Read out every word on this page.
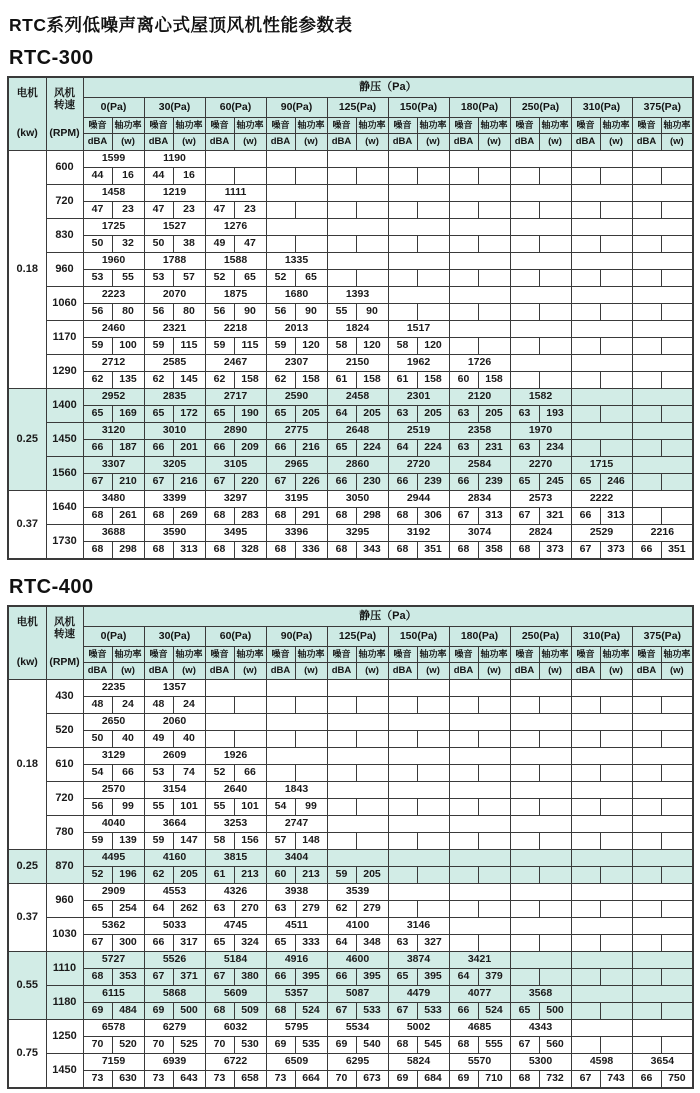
RTC系列低噪声离心式屋顶风机性能参数表
RTC-300
电机
(kw)

风机
转速
(RPM)
	静压（Pa）
		0(Pa)		30(Pa)		60(Pa)		90(Pa)		125(Pa)		150(Pa)		180(Pa)		250(Pa)		310(Pa)		375(Pa)	
		噪音	轴功率	噪音	轴功率	噪音	轴功率	噪音	轴功率	噪音	轴功率	噪音	轴功率	噪音	轴功率	噪音	轴功率	噪音	轴功率	噪音	轴功率
		dBA	(w)	dBA	(w)	dBA	(w)	dBA	(w)	dBA	(w)	dBA	(w)	dBA	(w)	dBA	(w)	dBA	(w)	dBA	(w)
0.18	600	1599		1190																	
		44	16	44	16																
	720	1458		1219		1111															
		47	23	47	23	47	23														
	830	1725		1527		1276															
		50	32	50	38	49	47														
	960	1960		1788		1588		1335													
		53	55	53	57	52	65	52	65												
	1060	2223		2070		1875		1680		1393											
		56	80	56	80	56	90	56	90	55	90										
	1170	2460		2321		2218		2013		1824		1517									
		59	100	59	115	59	115	59	120	58	120	58	120								
	1290	2712		2585		2467		2307		2150		1962		1726							
		62	135	62	145	62	158	62	158	61	158	61	158	60	158						
0.25	1400	2952		2835		2717		2590		2458		2301		2120		1582					
		65	169	65	172	65	190	65	205	64	205	63	205	63	205	63	193				
	1450	3120		3010		2890		2775		2648		2519		2358		1970					
		66	187	66	201	66	209	66	216	65	224	64	224	63	231	63	234				
	1560	3307		3205		3105		2965		2860		2720		2584		2270		1715			
		67	210	67	216	67	220	67	226	66	230	66	239	66	239	65	245	65	246		
0.37	1640	3480		3399		3297		3195		3050		2944		2834		2573		2222			
		68	261	68	269	68	283	68	291	68	298	68	306	67	313	67	321	66	313		
	1730	3688		3590		3495		3396		3295		3192		3074		2824		2529		2216	
		68	298	68	313	68	328	68	336	68	343	68	351	68	358	68	373	67	373	66	351
RTC-400
电机
(kw)

风机
转速
(RPM)
	静压（Pa）
		0(Pa)		30(Pa)		60(Pa)		90(Pa)		125(Pa)		150(Pa)		180(Pa)		250(Pa)		310(Pa)		375(Pa)	
		噪音	轴功率	噪音	轴功率	噪音	轴功率	噪音	轴功率	噪音	轴功率	噪音	轴功率	噪音	轴功率	噪音	轴功率	噪音	轴功率	噪音	轴功率
		dBA	(w)	dBA	(w)	dBA	(w)	dBA	(w)	dBA	(w)	dBA	(w)	dBA	(w)	dBA	(w)	dBA	(w)	dBA	(w)
0.18	430	2235		1357																	
		48	24	48	24																
	520	2650		2060																	
		50	40	49	40																
	610	3129		2609		1926															
		54	66	53	74	52	66														
	720	2570		3154		2640		1843													
		56	99	55	101	55	101	54	99												
	780	4040		3664		3253		2747													
		59	139	59	147	58	156	57	148												
0.25	870	4495		4160		3815		3404													
		52	196	62	205	61	213	60	213	59	205										
0.37	960	2909		4553		4326		3938		3539											
		65	254	64	262	63	270	63	279	62	279										
	1030	5362		5033		4745		4511		4100		3146									
		67	300	66	317	65	324	65	333	64	348	63	327								
0.55	1110	5727		5526		5184		4916		4600		3874		3421							
		68	353	67	371	67	380	66	395	66	395	65	395	64	379						
	1180	6115		5868		5609		5357		5087		4479		4077		3568					
		69	484	69	500	68	509	68	524	67	533	67	533	66	524	65	500				
0.75	1250	6578		6279		6032		5795		5534		5002		4685		4343					
		70	520	70	525	70	530	69	535	69	540	68	545	68	555	67	560				
	1450	7159		6939		6722		6509		6295		5824		5570		5300		4598		3654	
		73	630	73	643	73	658	73	664	70	673	69	684	69	710	68	732	67	743	66	750
